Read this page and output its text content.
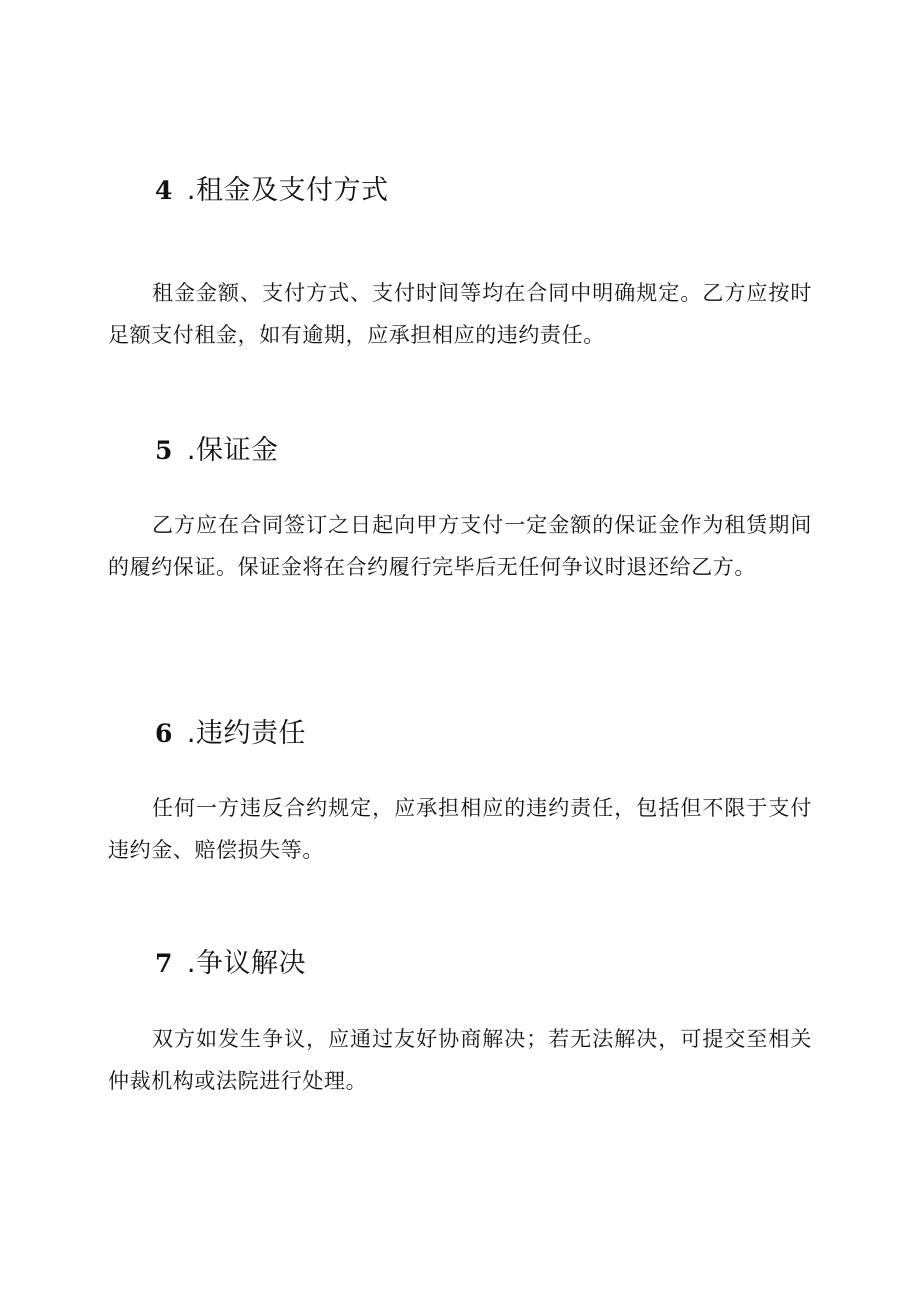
4 .租金及支付方式

租金金额、支付方式、支付时间等均在合同中明确规定。乙方应按时足额支付租金，如有逾期，应承担相应的违约责任。

5 .保证金

乙方应在合同签订之日起向甲方支付一定金额的保证金作为租赁期间的履约保证。保证金将在合约履行完毕后无任何争议时退还给乙方。

6 .违约责任

任何一方违反合约规定，应承担相应的违约责任，包括但不限于支付违约金、赔偿损失等。

7 .争议解决

双方如发生争议，应通过友好协商解决；若无法解决，可提交至相关仲裁机构或法院进行处理。
